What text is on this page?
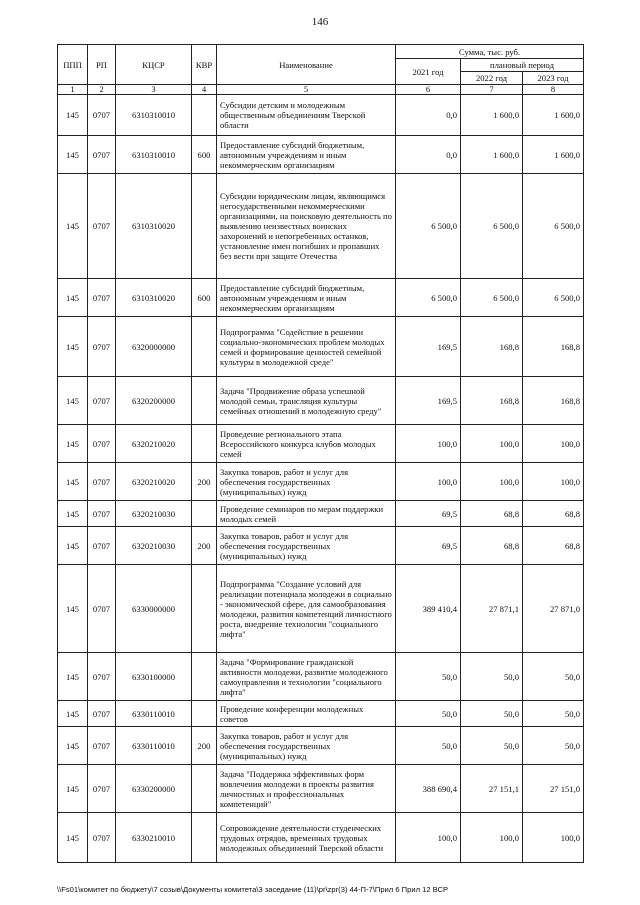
146
ППП	РП	КЦСР	КВР	Наименование	Сумма, тыс. руб.		
					2021 год	плановый период	
						2022 год	2023 год
1	2	3	4	5	6	7	8
145	0707	6310310010		Субсидии детским и молодежным общественным объединениям Тверской области	0,0	1 600,0	1 600,0
145	0707	6310310010	600	Предоставление субсидий бюджетным, автономным учреждениям и иным некоммерческим организациям	0,0	1 600,0	1 600,0
145	0707	6310310020		Субсидии юридическим лицам, являющимся негосударственными некоммерческими организациями, на поисковую деятельность по выявлению неизвестных воинских захоронений и непогребенных останков, установление имен погибших и пропавших без вести при защите Отечества	6 500,0	6 500,0	6 500,0
145	0707	6310310020	600	Предоставление субсидий бюджетным, автономным учреждениям и иным некоммерческим организациям	6 500,0	6 500,0	6 500,0
145	0707	6320000000		Подпрограмма "Содействие в решении социально-экономических проблем молодых семей и формирование ценностей семейной культуры в молодежной среде"	169,5	168,8	168,8
145	0707	6320200000		Задача "Продвижение образа успешной молодой семьи, трансляция культуры семейных отношений в молодежную среду"	169,5	168,8	168,8
145	0707	6320210020		Проведение регионального этапа Всероссийского конкурса клубов молодых семей	100,0	100,0	100,0
145	0707	6320210020	200	Закупка товаров, работ и услуг для обеспечения государственных (муниципальных) нужд	100,0	100,0	100,0
145	0707	6320210030		Проведение семинаров по мерам поддержки молодых семей	69,5	68,8	68,8
145	0707	6320210030	200	Закупка товаров, работ и услуг для обеспечения государственных (муниципальных) нужд	69,5	68,8	68,8
145	0707	6330000000		Подпрограмма "Создание условий для реализации потенциала молодежи в социально - экономической сфере, для самообразования молодежи, развития компетенций личностного роста, внедрение технологии "социального лифта"	389 410,4	27 871,1	27 871,0
145	0707	6330100000		Задача "Формирование гражданской активности молодежи, развитие молодежного самоуправления и технологии "социального лифта"	50,0	50,0	50,0
145	0707	6330110010		Проведение конференции молодежных советов	50,0	50,0	50,0
145	0707	6330110010	200	Закупка товаров, работ и услуг для обеспечения государственных (муниципальных) нужд	50,0	50,0	50,0
145	0707	6330200000		Задача "Поддержка эффективных форм вовлечения молодежи в проекты развития личностных и профессиональных компетенций"	388 690,4	27 151,1	27 151,0
145	0707	6330210010		Сопровождение деятельности студенческих трудовых отрядов, временных трудовых молодежных объединений Тверской области	100,0	100,0	100,0
\\Fs01\комитет по бюджету\7 созыв\Документы комитета\3 заседание (11)\pr\zpr(3) 44-П-7\Прил 6 Прил 12 ВСР
